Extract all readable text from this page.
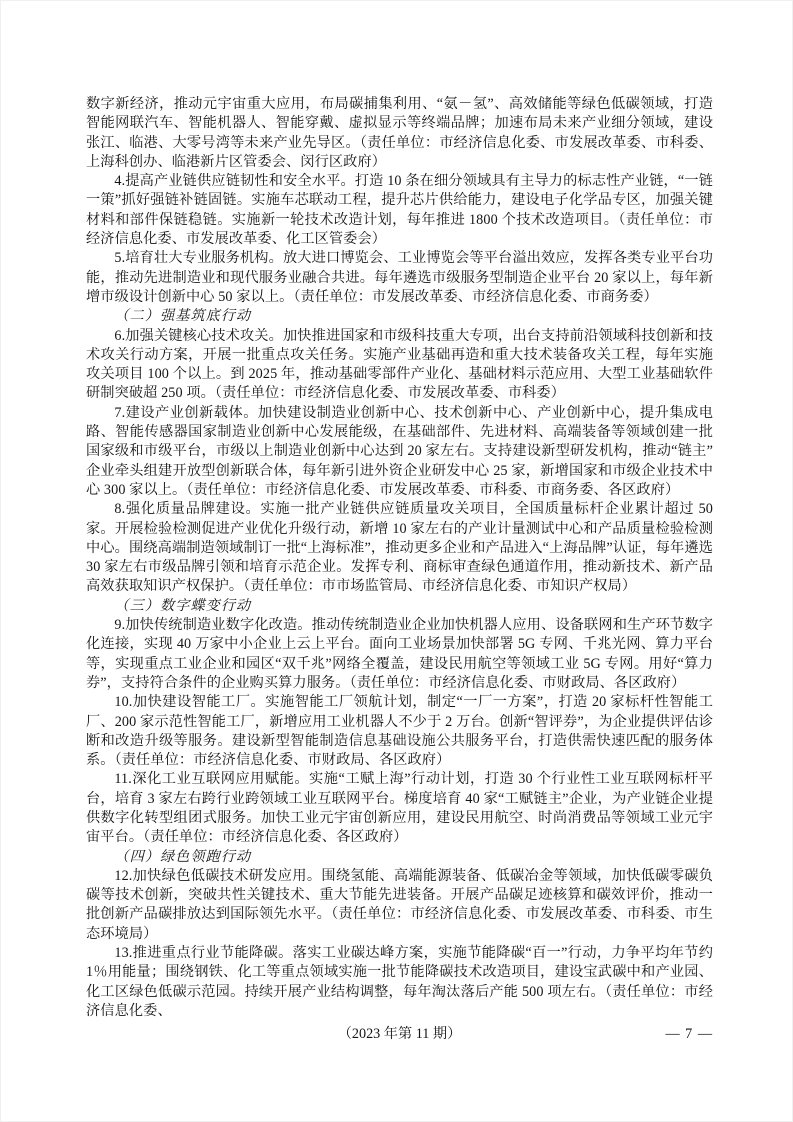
数字新经济，推动元宇宙重大应用，布局碳捕集利用、“氨－氢”、高效储能等绿色低碳领域，打造智能网联汽车、智能机器人、智能穿戴、虚拟显示等终端品牌；加速布局未来产业细分领域，建设张江、临港、大零号湾等未来产业先导区。（责任单位：市经济信息化委、市发展改革委、市科委、上海科创办、临港新片区管委会、闵行区政府）

4.提高产业链供应链韧性和安全水平。打造 10 条在细分领域具有主导力的标志性产业链，“一链一策”抓好强链补链固链。实施车芯联动工程，提升芯片供给能力，建设电子化学品专区，加强关键材料和部件保链稳链。实施新一轮技术改造计划，每年推进 1800 个技术改造项目。（责任单位：市经济信息化委、市发展改革委、化工区管委会）

5.培育壮大专业服务机构。放大进口博览会、工业博览会等平台溢出效应，发挥各类专业平台功能，推动先进制造业和现代服务业融合共进。每年遴选市级服务型制造企业平台 20 家以上，每年新增市级设计创新中心 50 家以上。（责任单位：市发展改革委、市经济信息化委、市商务委）

（二）强基筑底行动

6.加强关键核心技术攻关。加快推进国家和市级科技重大专项，出台支持前沿领域科技创新和技术攻关行动方案，开展一批重点攻关任务。实施产业基础再造和重大技术装备攻关工程，每年实施攻关项目 100 个以上。到 2025 年，推动基础零部件产业化、基础材料示范应用、大型工业基础软件研制突破超 250 项。（责任单位：市经济信息化委、市发展改革委、市科委）

7.建设产业创新载体。加快建设制造业创新中心、技术创新中心、产业创新中心，提升集成电路、智能传感器国家制造业创新中心发展能级，在基础部件、先进材料、高端装备等领域创建一批国家级和市级平台，市级以上制造业创新中心达到 20 家左右。支持建设新型研发机构，推动“链主”企业牵头组建开放型创新联合体，每年新引进外资企业研发中心 25 家，新增国家和市级企业技术中心 300 家以上。（责任单位：市经济信息化委、市发展改革委、市科委、市商务委、各区政府）

8.强化质量品牌建设。实施一批产业链供应链质量攻关项目，全国质量标杆企业累计超过 50 家。开展检验检测促进产业优化升级行动，新增 10 家左右的产业计量测试中心和产品质量检验检测中心。围绕高端制造领域制订一批“上海标准”，推动更多企业和产品进入“上海品牌”认证，每年遴选 30 家左右市级品牌引领和培育示范企业。发挥专利、商标审查绿色通道作用，推动新技术、新产品高效获取知识产权保护。（责任单位：市市场监管局、市经济信息化委、市知识产权局）

（三）数字蝶变行动

9.加快传统制造业数字化改造。推动传统制造业企业加快机器人应用、设备联网和生产环节数字化连接，实现 40 万家中小企业上云上平台。面向工业场景加快部署 5G 专网、千兆光网、算力平台等，实现重点工业企业和园区“双千兆”网络全覆盖，建设民用航空等领域工业 5G 专网。用好“算力券”，支持符合条件的企业购买算力服务。（责任单位：市经济信息化委、市财政局、各区政府）

10.加快建设智能工厂。实施智能工厂领航计划，制定“一厂一方案”，打造 20 家标杆性智能工厂、200 家示范性智能工厂，新增应用工业机器人不少于 2 万台。创新“智评券”，为企业提供评估诊断和改造升级等服务。建设新型智能制造信息基础设施公共服务平台，打造供需快速匹配的服务体系。（责任单位：市经济信息化委、市财政局、各区政府）

11.深化工业互联网应用赋能。实施“工赋上海”行动计划，打造 30 个行业性工业互联网标杆平台，培育 3 家左右跨行业跨领域工业互联网平台。梯度培育 40 家“工赋链主”企业，为产业链企业提供数字化转型组团式服务。加快工业元宇宙创新应用，建设民用航空、时尚消费品等领域工业元宇宙平台。（责任单位：市经济信息化委、各区政府）

（四）绿色领跑行动

12.加快绿色低碳技术研发应用。围绕氢能、高端能源装备、低碳冶金等领域，加快低碳零碳负碳等技术创新，突破共性关键技术、重大节能先进装备。开展产品碳足迹核算和碳效评价，推动一批创新产品碳排放达到国际领先水平。（责任单位：市经济信息化委、市发展改革委、市科委、市生态环境局）

13.推进重点行业节能降碳。落实工业碳达峰方案，实施节能降碳“百一”行动，力争平均年节约 1％用能量；围绕钢铁、化工等重点领域实施一批节能降碳技术改造项目，建设宝武碳中和产业园、化工区绿色低碳示范园。持续开展产业结构调整，每年淘汰落后产能 500 项左右。（责任单位：市经济信息化委、

（2023 年第 11 期）	— 7 —
